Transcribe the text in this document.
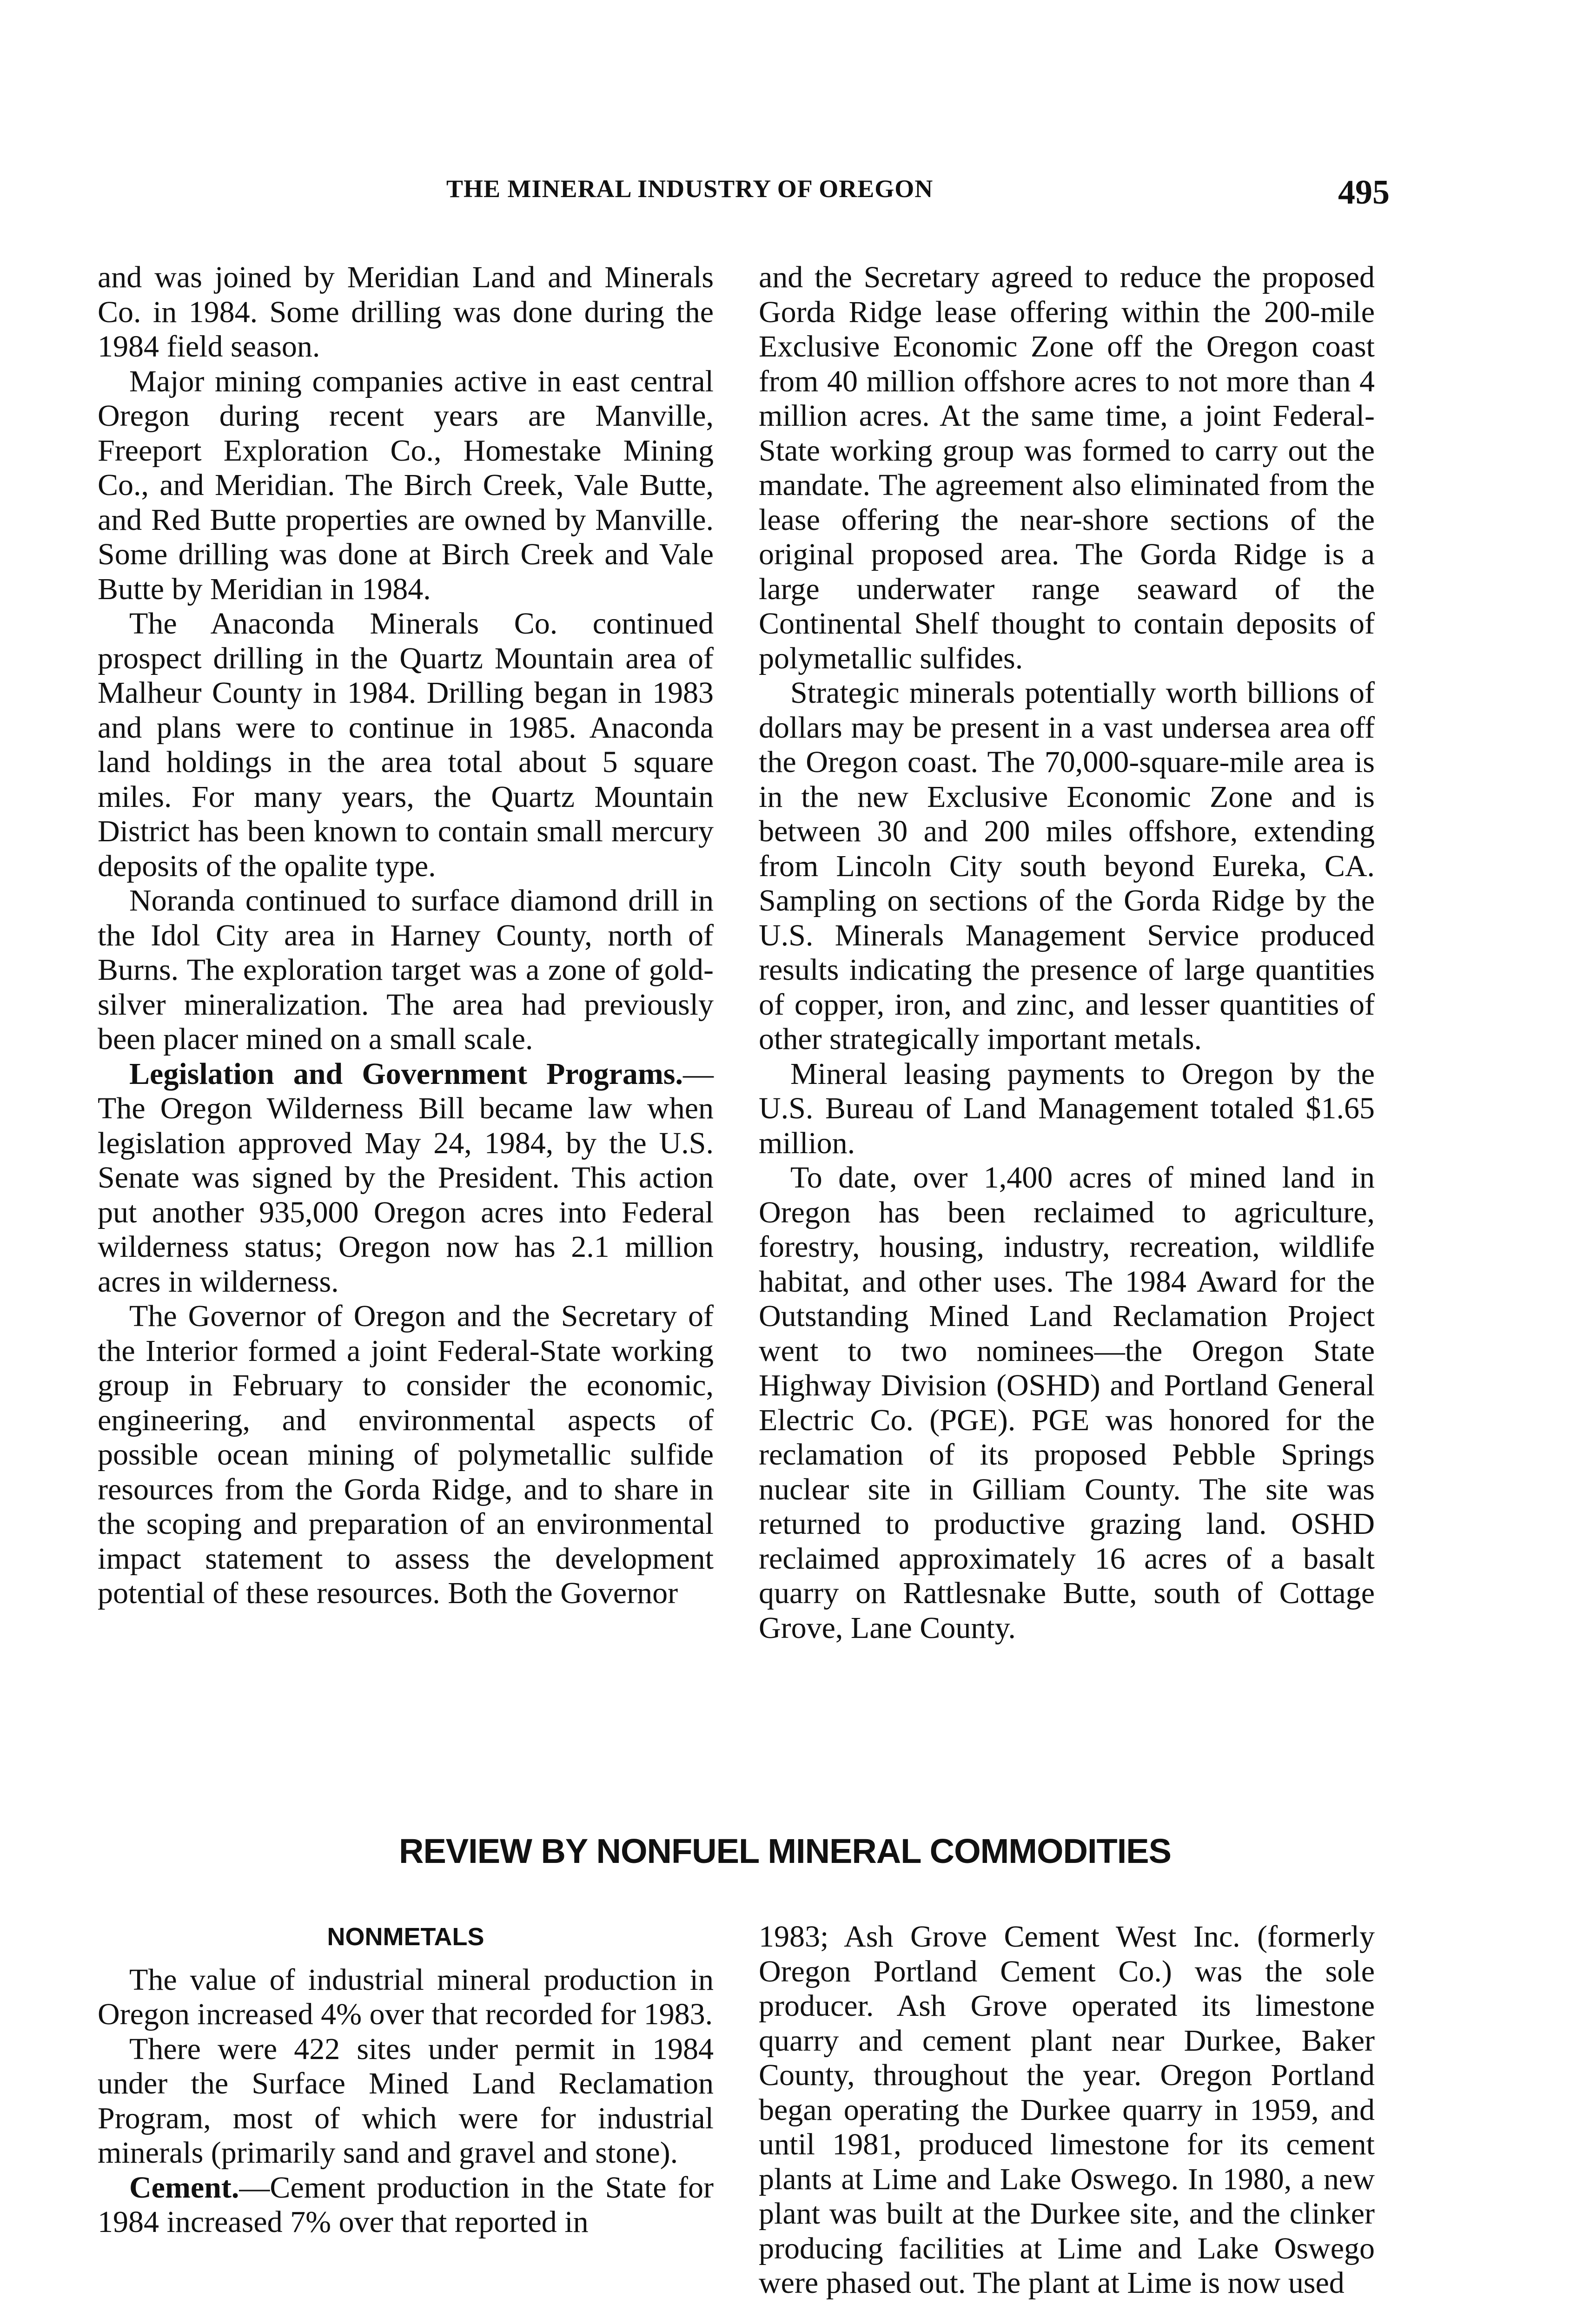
THE MINERAL INDUSTRY OF OREGON	495

and was joined by Meridian Land and Minerals Co. in 1984. Some drilling was done during the 1984 field season.

Major mining companies active in east central Oregon during recent years are Manville, Freeport Exploration Co., Homestake Mining Co., and Meridian. The Birch Creek, Vale Butte, and Red Butte properties are owned by Manville. Some drilling was done at Birch Creek and Vale Butte by Meridian in 1984.

The Anaconda Minerals Co. continued prospect drilling in the Quartz Mountain area of Malheur County in 1984. Drilling began in 1983 and plans were to continue in 1985. Anaconda land holdings in the area total about 5 square miles. For many years, the Quartz Mountain District has been known to contain small mercury deposits of the opalite type.

Noranda continued to surface diamond drill in the Idol City area in Harney County, north of Burns. The exploration target was a zone of gold-silver mineralization. The area had previously been placer mined on a small scale.

Legislation and Government Programs.—The Oregon Wilderness Bill became law when legislation approved May 24, 1984, by the U.S. Senate was signed by the President. This action put another 935,000 Oregon acres into Federal wilderness status; Oregon now has 2.1 million acres in wilderness.

The Governor of Oregon and the Secretary of the Interior formed a joint Federal-State working group in February to consider the economic, engineering, and environmental aspects of possible ocean mining of polymetallic sulfide resources from the Gorda Ridge, and to share in the scoping and preparation of an environmental impact statement to assess the development potential of these resources. Both the Governor

and the Secretary agreed to reduce the proposed Gorda Ridge lease offering within the 200-mile Exclusive Economic Zone off the Oregon coast from 40 million offshore acres to not more than 4 million acres. At the same time, a joint Federal-State working group was formed to carry out the mandate. The agreement also eliminated from the lease offering the near-shore sections of the original proposed area. The Gorda Ridge is a large underwater range seaward of the Continental Shelf thought to contain deposits of polymetallic sulfides.

Strategic minerals potentially worth billions of dollars may be present in a vast undersea area off the Oregon coast. The 70,000-square-mile area is in the new Exclusive Economic Zone and is between 30 and 200 miles offshore, extending from Lincoln City south beyond Eureka, CA. Sampling on sections of the Gorda Ridge by the U.S. Minerals Management Service produced results indicating the presence of large quantities of copper, iron, and zinc, and lesser quantities of other strategically important metals.

Mineral leasing payments to Oregon by the U.S. Bureau of Land Management totaled $1.65 million.

To date, over 1,400 acres of mined land in Oregon has been reclaimed to agriculture, forestry, housing, industry, recreation, wildlife habitat, and other uses. The 1984 Award for the Outstanding Mined Land Reclamation Project went to two nominees—the Oregon State Highway Division (OSHD) and Portland General Electric Co. (PGE). PGE was honored for the reclamation of its proposed Pebble Springs nuclear site in Gilliam County. The site was returned to productive grazing land. OSHD reclaimed approximately 16 acres of a basalt quarry on Rattlesnake Butte, south of Cottage Grove, Lane County.

REVIEW BY NONFUEL MINERAL COMMODITIES
NONMETALS

The value of industrial mineral production in Oregon increased 4% over that recorded for 1983.

There were 422 sites under permit in 1984 under the Surface Mined Land Reclamation Program, most of which were for industrial minerals (primarily sand and gravel and stone).

Cement.—Cement production in the State for 1984 increased 7% over that reported in

1983; Ash Grove Cement West Inc. (formerly Oregon Portland Cement Co.) was the sole producer. Ash Grove operated its limestone quarry and cement plant near Durkee, Baker County, throughout the year. Oregon Portland began operating the Durkee quarry in 1959, and until 1981, produced limestone for its cement plants at Lime and Lake Oswego. In 1980, a new plant was built at the Durkee site, and the clinker producing facilities at Lime and Lake Oswego were phased out. The plant at Lime is now used
